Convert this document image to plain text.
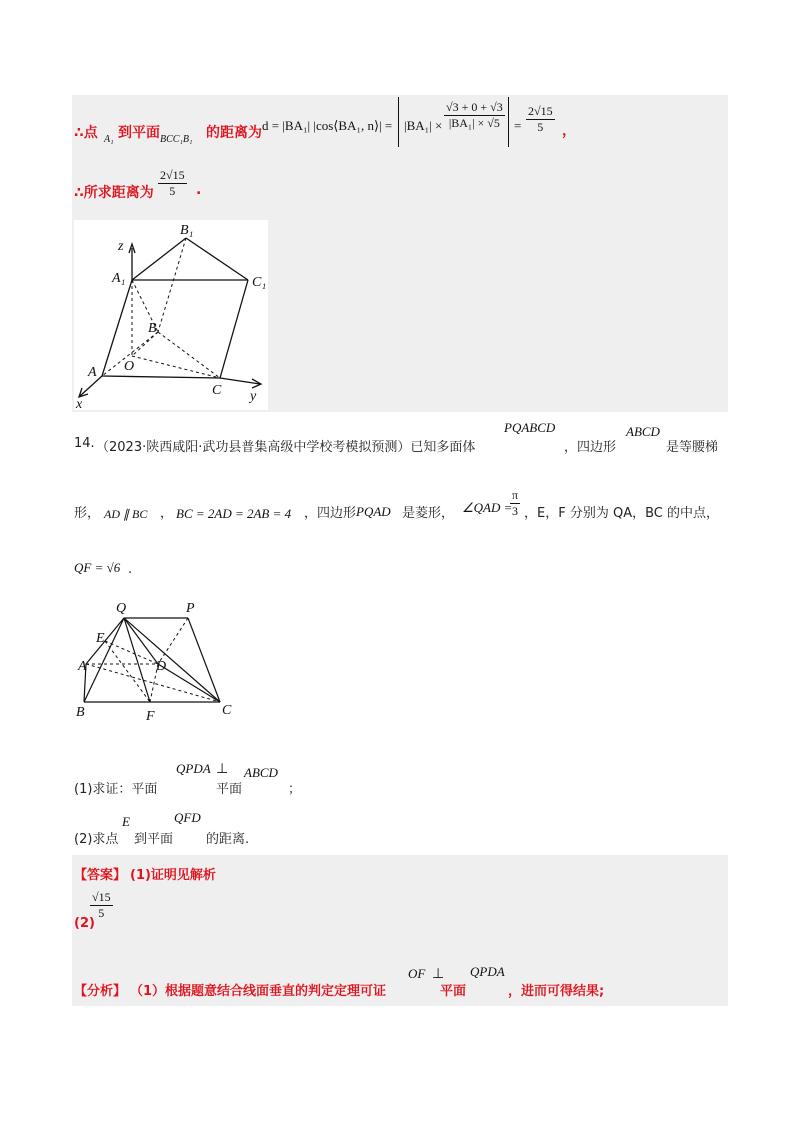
∴点 A₁ 到平面 BCC₁B₁ 的距离为 d = |BA₁| |cos⟨BA₁, n⟩| = $|BA_1| \times \frac{√3 + 0 + √3}{\text{|BA₁| × √5}} = \frac{2√15}{5}$ ，
∴所求距离为 $\frac{2√15}{5}$ .
z
B₁
A₁	C₁
B
O
A
C
x
y
14. （2023·陕西咸阳·武功县普集高级中学校考模拟预测）已知多面体
PQABCD
，四边形
ABCD
是等腰梯
形， AD ∥ BC ， BC = 2AD = 2AB = 4 ，四边形 PQAD 是菱形， ∠QAD =
$\frac{\pi}{3}$ ，E，F 分别为 QA，BC 的中点，
QF = √6 .
Q	P
E
A	D
B	F	C
(1)求证：平面
QPDA ⊥
平面
ABCD
；
(2)求点
E
到平面
QFD
的距离.
【答案】 (1)证明见解析
(2)
$\frac{√15}{5}$
【分析】 （1）根据题意结合线面垂直的判定定理可证
OF ⊥
平面
QPDA
，进而可得结果;
